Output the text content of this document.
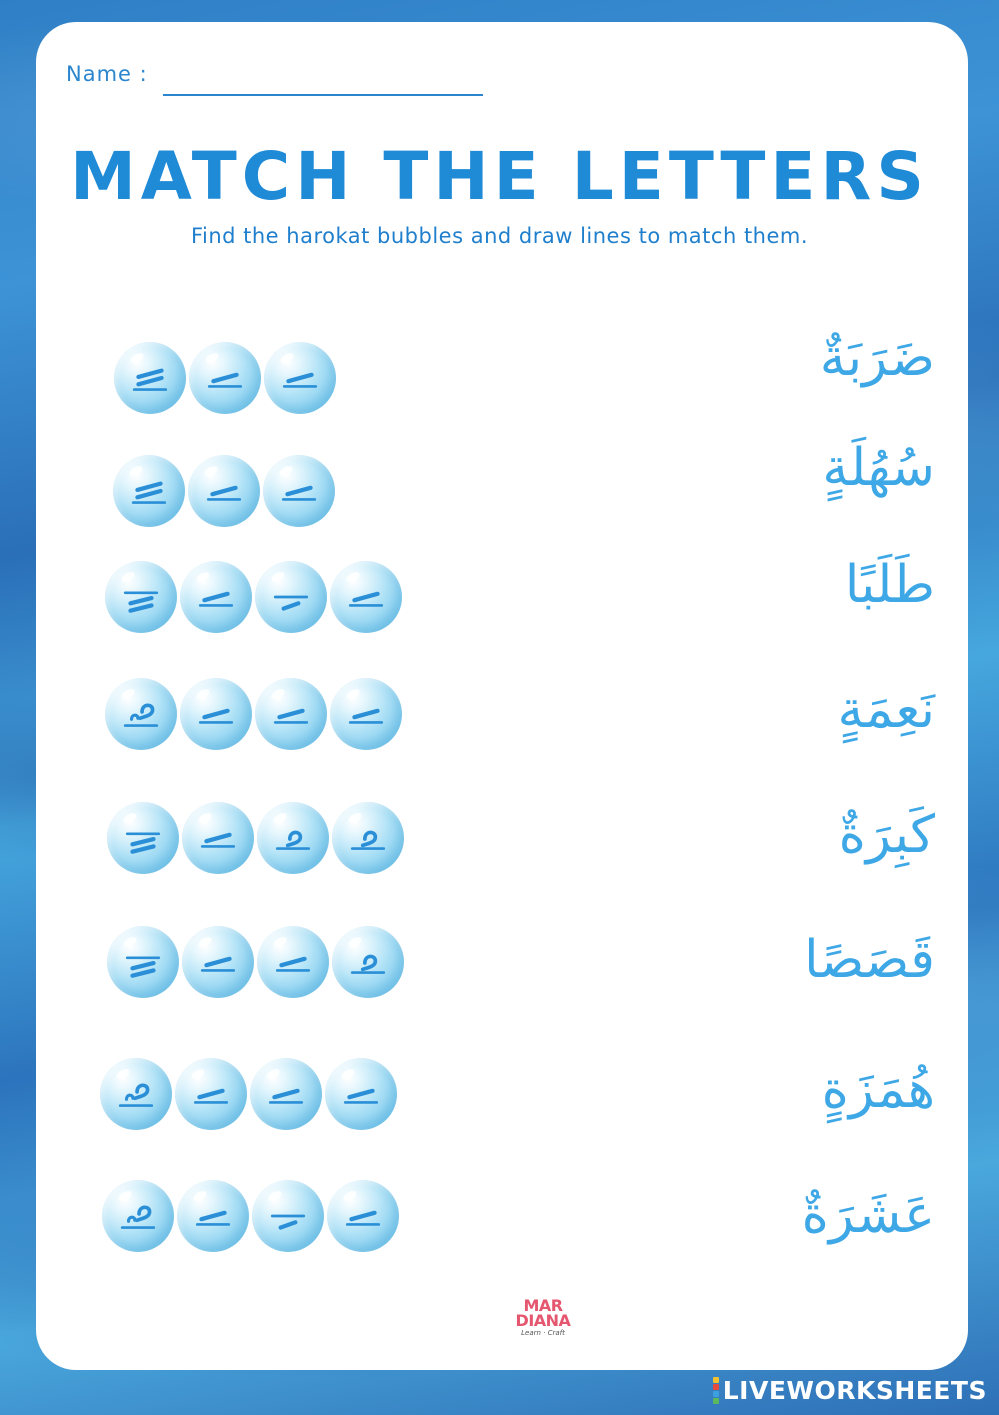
Name :
MATCH THE LETTERS
Find the harokat bubbles and draw lines to match them.
ضَرَبَةٌ
سُهُلَةٍ
طَلَبًا
نَعِمَةٍ
كَبِرَةٌ
قَصَصًا
هُمَزَةٍ
عَشَرَةٌ
MAR
DIANA
Learn · Craft
LIVEWORKSHEETS
